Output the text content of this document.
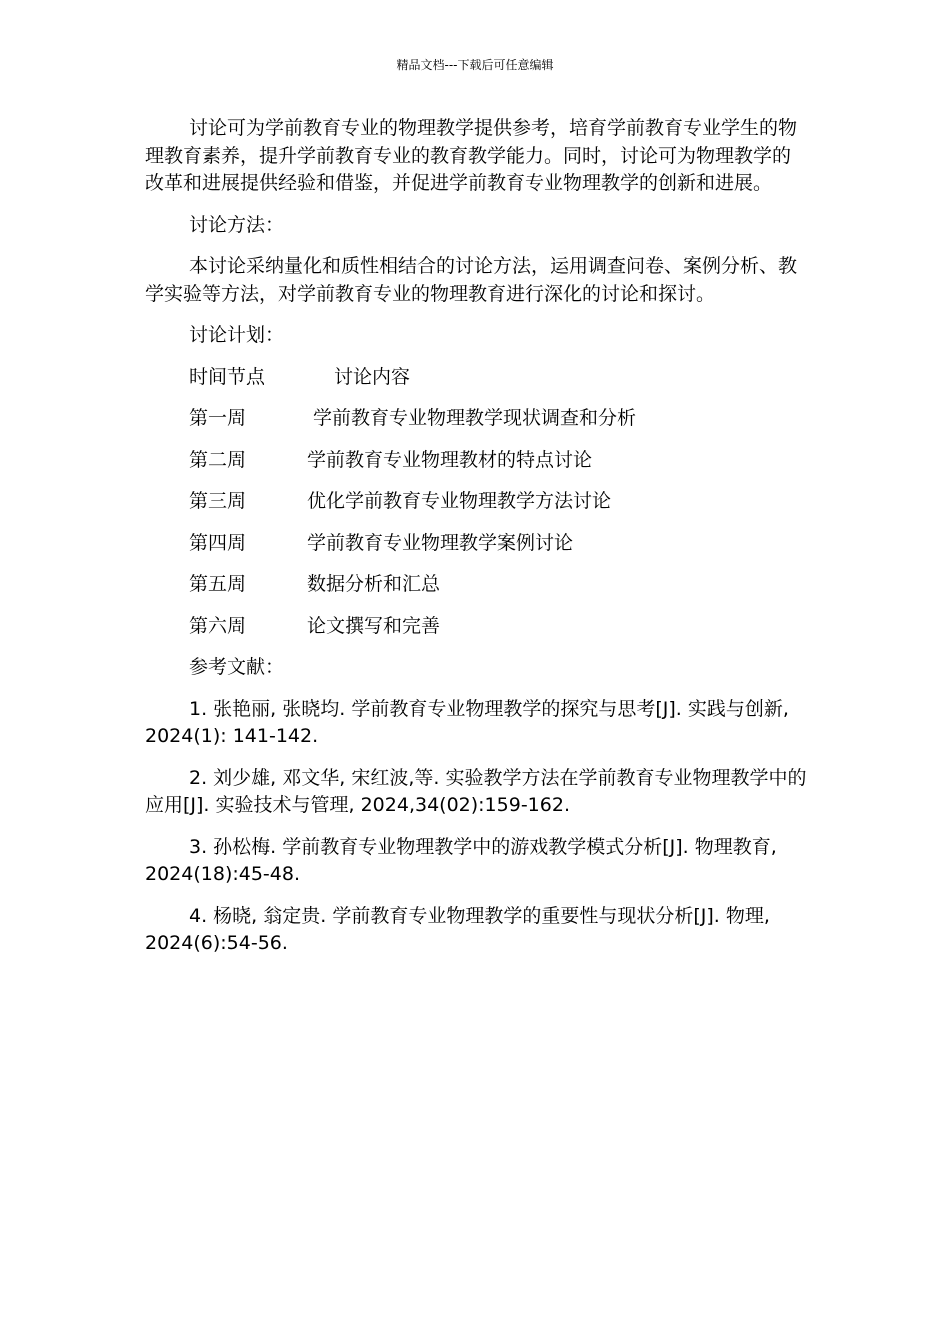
精品文档---下载后可任意编辑

讨论可为学前教育专业的物理教学提供参考，培育学前教育专业学生的物理教育素养，提升学前教育专业的教育教学能力。同时，讨论可为物理教学的改革和进展提供经验和借鉴，并促进学前教育专业物理教学的创新和进展。

讨论方法：

本讨论采纳量化和质性相结合的讨论方法，运用调查问卷、案例分析、教学实验等方法，对学前教育专业的物理教育进行深化的讨论和探讨。

讨论计划：

时间节点	讨论内容
第一周	学前教育专业物理教学现状调查和分析
第二周	学前教育专业物理教材的特点讨论
第三周	优化学前教育专业物理教学方法讨论
第四周	学前教育专业物理教学案例讨论
第五周	数据分析和汇总
第六周	论文撰写和完善

参考文献：

1. 张艳丽, 张晓均. 学前教育专业物理教学的探究与思考[J]. 实践与创新, 2024(1): 141-142.

2. 刘少雄, 邓文华, 宋红波,等. 实验教学方法在学前教育专业物理教学中的应用[J]. 实验技术与管理, 2024,34(02):159-162.

3. 孙松梅. 学前教育专业物理教学中的游戏教学模式分析[J]. 物理教育, 2024(18):45-48.

4. 杨晓, 翁定贵. 学前教育专业物理教学的重要性与现状分析[J]. 物理, 2024(6):54-56.
